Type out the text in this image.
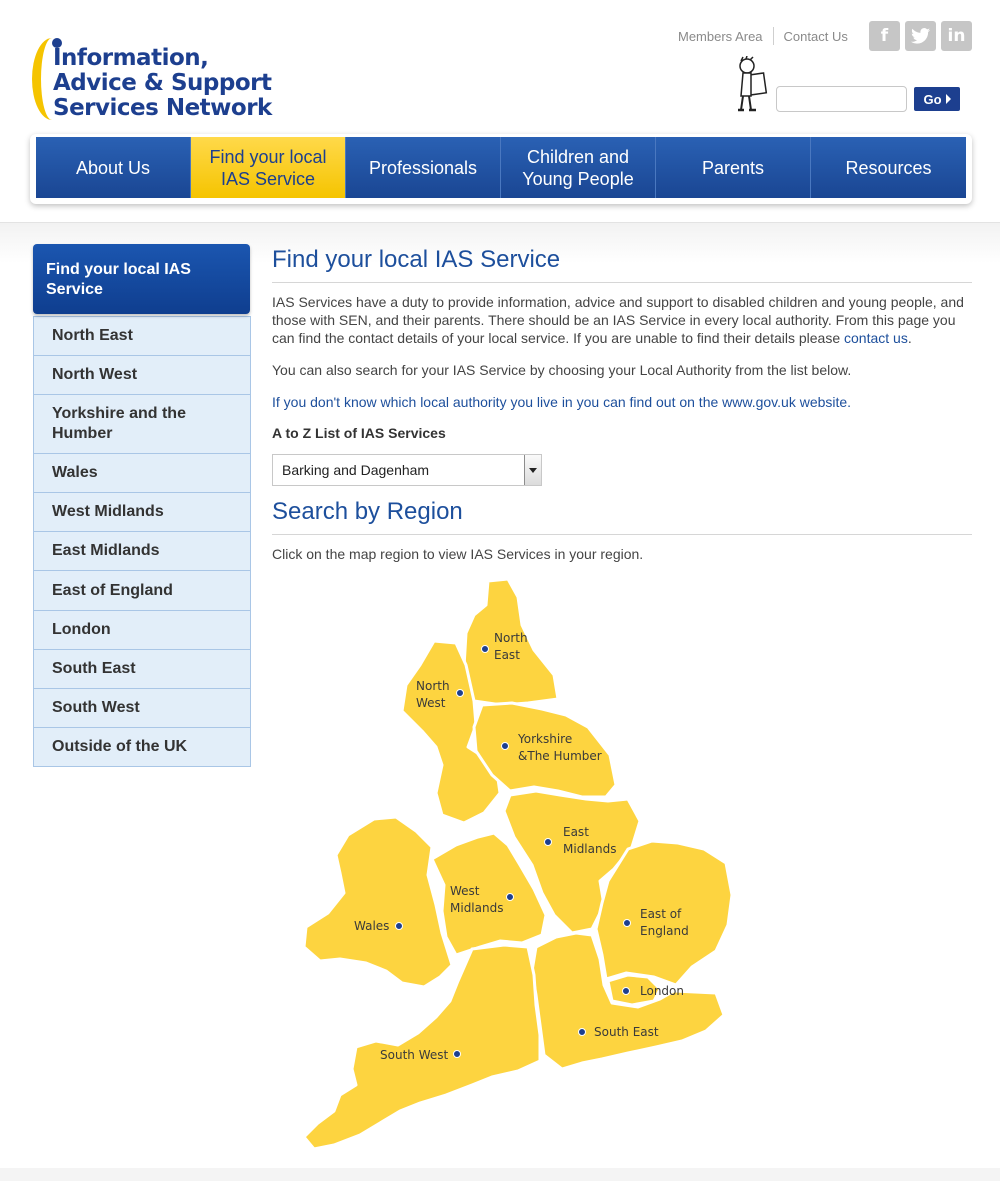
Information,
Advice & Support
Services Network
Members Area	Contact Us	f	in
Go
About Us
Find your local IAS Service
Professionals
Children and Young People
Parents	Resources
Find your local IAS Service
North East
North West
Yorkshire and the Humber
Wales
West Midlands
East Midlands
East of England
London
South East
South West
Outside of the UK
Find your local IAS Service

IAS Services have a duty to provide information, advice and support to disabled children and young people, and those with SEN, and their parents. There should be an IAS Service in every local authority. From this page you can find the contact details of your local service. If you are unable to find their details please contact us.

You can also search for your IAS Service by choosing your Local Authority from the list below.

If you don't know which local authority you live in you can find out on the www.gov.uk website.

A to Z List of IAS Services

Barking and Dagenham
Search by Region

Click on the map region to view IAS Services in your region.

North
East
North
West
Yorkshire
&The Humber
East
Midlands
West
Midlands
Wales
East of
England
London
South East
South West
